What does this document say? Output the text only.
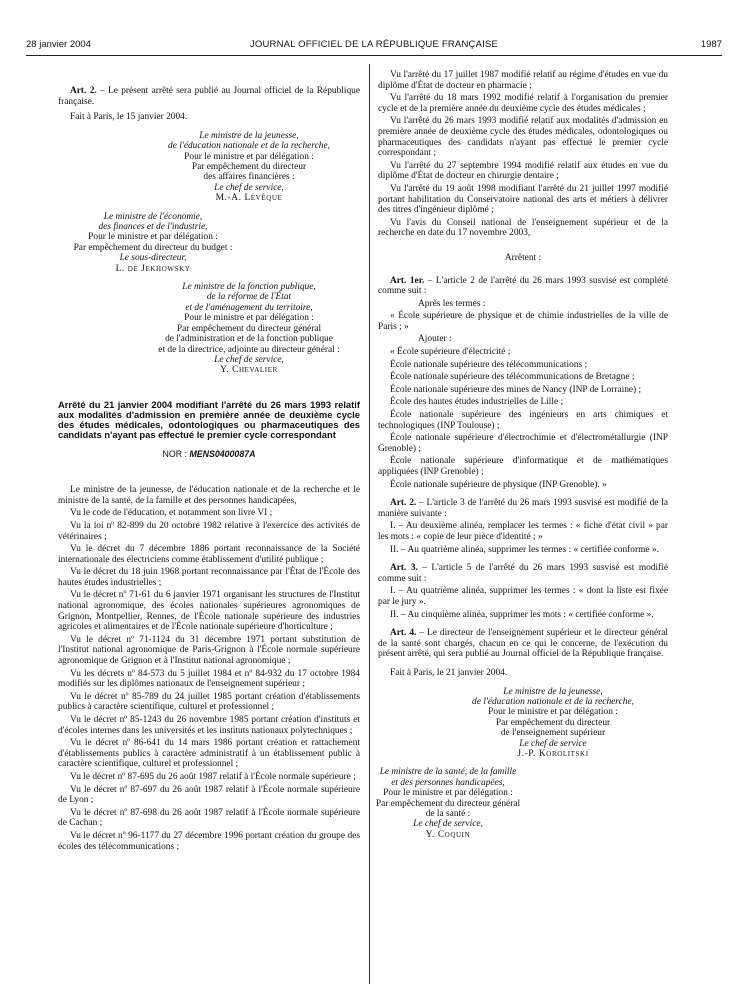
28 janvier 2004	JOURNAL OFFICIEL DE LA RÉPUBLIQUE FRANÇAISE	1987

Art. 2. – Le présent arrêté sera publié au Journal officiel de la République française.

Fait à Paris, le 15 janvier 2004.

Le ministre de la jeunesse,
de l'éducation nationale et de la recherche,
Pour le ministre et par délégation :
Par empêchement du directeur
des affaires financières :
Le chef de service,
M.-A. Lévêque
Le ministre de l'économie,
des finances et de l'industrie,
Pour le ministre et par délégation :
Par empêchement du directeur du budget :
Le sous-directeur,
L. de Jekhowsky
Le ministre de la fonction publique,
de la réforme de l'État
et de l'aménagement du territoire,
Pour le ministre et par délégation :
Par empêchement du directeur général
de l'administration et de la fonction publique
et de la directrice, adjointe au directeur général :
Le chef de service,
Y. Chevalier
Arrêté du 21 janvier 2004 modifiant l'arrêté du 26 mars 1993 relatif aux modalités d'admission en première année de deuxième cycle des études médicales, odontologiques ou pharmaceutiques des candidats n'ayant pas effectué le premier cycle correspondant
NOR : MENS0400087A

Le ministre de la jeunesse, de l'éducation nationale et de la recherche et le ministre de la santé, de la famille et des personnes handicapées,

Vu le code de l'éducation, et notamment son livre VI ;

Vu la loi nº 82-899 du 20 octobre 1982 relative à l'exercice des activités de vétérinaires ;

Vu le décret du 7 décembre 1886 portant reconnaissance de la Société internationale des électriciens comme établissement d'utilité publique ;

Vu le décret du 18 juin 1968 portant reconnaissance par l'État de l'École des hautes études industrielles ;

Vu le décret nº 71-61 du 6 janvier 1971 organisant les structures de l'Institut national agronomique, des écoles nationales supérieures agronomiques de Grignon, Montpellier, Rennes, de l'École nationale supérieure des industries agricoles et alimentaires et de l'École nationale supérieure d'horticulture ;

Vu le décret nº 71-1124 du 31 décembre 1971 portant substitution de l'Institut national agronomique de Paris-Grignon à l'École normale supérieure agronomique de Grignon et à l'Institut national agronomique ;

Vu les décrets nº 84-573 du 5 juillet 1984 et nº 84-932 du 17 octobre 1984 modifiés sur les diplômes nationaux de l'enseignement supérieur ;

Vu le décret nº 85-789 du 24 juillet 1985 portant création d'établissements publics à caractère scientifique, culturel et professionnel ;

Vu le décret nº 85-1243 du 26 novembre 1985 portant création d'instituts et d'écoles internes dans les universités et les instituts nationaux polytechniques ;

Vu le décret nº 86-641 du 14 mars 1986 portant création et rattachement d'établissements publics à caractère administratif à un établissement public à caractère scientifique, culturel et professionnel ;

Vu le décret nº 87-695 du 26 août 1987 relatif à l'École normale supérieure ;

Vu le décret nº 87-697 du 26 août 1987 relatif à l'École normale supérieure de Lyon ;

Vu le décret nº 87-698 du 26 août 1987 relatif à l'École normale supérieure de Cachan ;

Vu le décret nº 96-1177 du 27 décembre 1996 portant création du groupe des écoles des télécommunications ;

Vu l'arrêté du 17 juillet 1987 modifié relatif au régime d'études en vue du diplôme d'État de docteur en pharmacie ;

Vu l'arrêté du 18 mars 1992 modifié relatif à l'organisation du premier cycle et de la première année du deuxième cycle des études médicales ;

Vu l'arrêté du 26 mars 1993 modifié relatif aux modalités d'admission en première année de deuxième cycle des études médicales, odontologiques ou pharmaceutiques des candidats n'ayant pas effectué le premier cycle correspondant ;

Vu l'arrêté du 27 septembre 1994 modifié relatif aux études en vue du diplôme d'État de docteur en chirurgie dentaire ;

Vu l'arrêté du 19 août 1998 modifiant l'arrêté du 21 juillet 1997 modifié portant habilitation du Conservatoire national des arts et métiers à délivrer des titres d'ingénieur diplômé ;

Vu l'avis du Conseil national de l'enseignement supérieur et de la recherche en date du 17 novembre 2003,

Arrêtent :

Art. 1er. – L'article 2 de l'arrêté du 26 mars 1993 susvisé est complété comme suit :

Après les termes :

« École supérieure de physique et de chimie industrielles de la ville de Paris ; »

Ajouter :

« École supérieure d'électricité ;
École nationale supérieure des télécommunications ;
École nationale supérieure des télécommunications de Bretagne ;
École nationale supérieure des mines de Nancy (INP de Lorraine) ;
École des hautes études industrielles de Lille ;
École nationale supérieure des ingénieurs en arts chimiques et technologiques (INP Toulouse) ;
École nationale supérieure d'électrochimie et d'électrométallurgie (INP Grenoble) ;
École nationale supérieure d'informatique et de mathématiques appliquées (INP Grenoble) ;
École nationale supérieure de physique (INP Grenoble). »

Art. 2. – L'article 3 de l'arrêté du 26 mars 1993 susvisé est modifié de la manière suivante :

I. – Au deuxième alinéa, remplacer les termes : « fiche d'état civil » par les mots : « copie de leur pièce d'identité ; »

II. – Au quatrième alinéa, supprimer les termes : « certifiée conforme ».

Art. 3. – L'article 5 de l'arrêté du 26 mars 1993 susvisé est modifié comme suit :

I. – Au quatrième alinéa, supprimer les termes : « dont la liste est fixée par le jury ».

II. – Au cinquième alinéa, supprimer les mots : « certifiée conforme ».

Art. 4. – Le directeur de l'enseignement supérieur et le directeur général de la santé sont chargés, chacun en ce qui le concerne, de l'exécution du présent arrêté, qui sera publié au Journal officiel de la République française.

Fait à Paris, le 21 janvier 2004.

Le ministre de la jeunesse,
de l'éducation nationale et de la recherche,
Pour le ministre et par délégation :
Par empêchement du directeur
de l'enseignement supérieur
Le chef de service
J.-P. Korolitski
Le ministre de la santé, de la famille
et des personnes handicapées,
Pour le ministre et par délégation :
Par empêchement du directeur général
de la santé :
Le chef de service,
Y. Coquin
